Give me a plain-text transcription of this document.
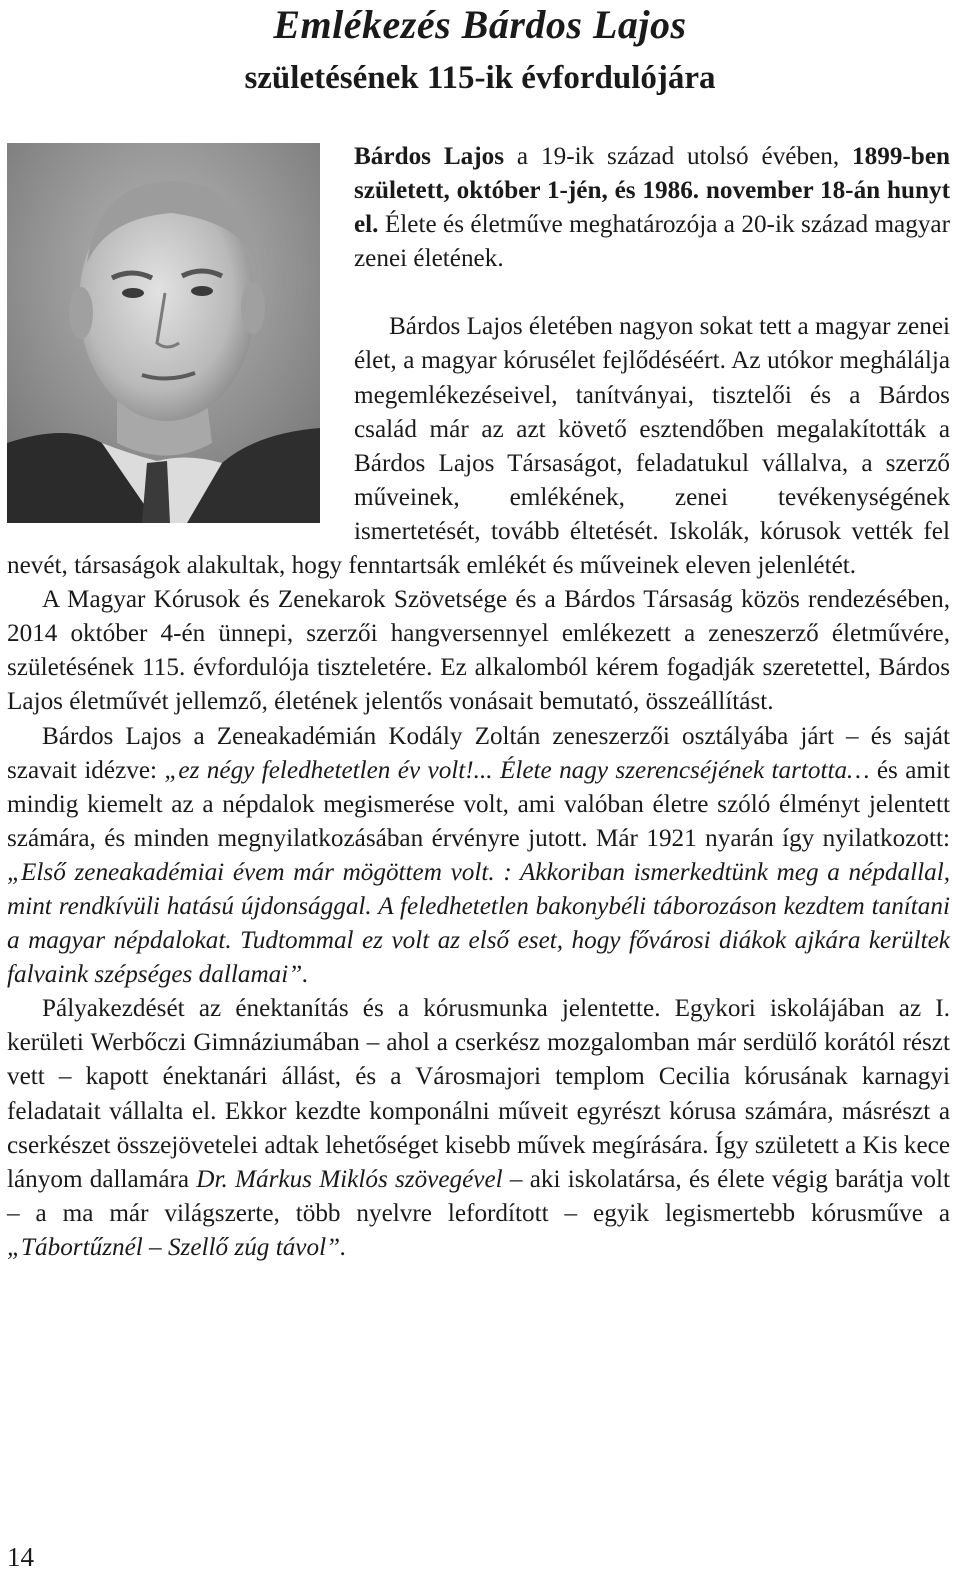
Emlékezés Bárdos Lajos
születésének 115-ik évfordulójára

Bárdos Lajos a 19-ik század utolsó évében, 1899-ben született, október 1-jén, és 1986. november 18-án hunyt el. Élete és életműve meghatározója a 20-ik század magyar zenei életének.

Bárdos Lajos életében nagyon sokat tett a magyar zenei élet, a magyar kórusélet fejlődéséért. Az utókor meghálálja megemlékezéseivel, tanítványai, tisztelői és a Bárdos család már az azt követő esztendőben megalakították a Bárdos Lajos Társaságot, feladatukul vállalva, a szerző műveinek, emlékének, zenei tevékenységének ismertetését, tovább éltetését. Iskolák, kórusok vették fel nevét, társaságok alakultak, hogy fenntartsák emlékét és műveinek eleven jelenlétét.

A Magyar Kórusok és Zenekarok Szövetsége és a Bárdos Társaság közös rendezésében, 2014 október 4-én ünnepi, szerzői hangversennyel emlékezett a zeneszerző életművére, születésének 115. évfordulója tiszteletére. Ez alkalomból kérem fogadják szeretettel, Bárdos Lajos életművét jellemző, életének jelentős vonásait bemutató, összeállítást.

Bárdos Lajos a Zeneakadémián Kodály Zoltán zeneszerzői osztályába járt – és saját szavait idézve: „ez négy feledhetetlen év volt!... Élete nagy szerencséjének tartotta… és amit mindig kiemelt az a népdalok megismerése volt, ami valóban életre szóló élményt jelentett számára, és minden megnyilatkozásában érvényre jutott. Már 1921 nyarán így nyilatkozott: „Első zeneakadémiai évem már mögöttem volt. : Akkoriban ismerkedtünk meg a népdallal, mint rendkívüli hatású újdonsággal. A feledhetetlen bakonybéli táborozáson kezdtem tanítani a magyar népdalokat. Tudtommal ez volt az első eset, hogy fővárosi diákok ajkára kerültek falvaink szépséges dallamai”.

Pályakezdését az énektanítás és a kórusmunka jelentette. Egykori iskolájában az I. kerületi Werbőczi Gimnáziumában – ahol a cserkész mozgalomban már serdülő korától részt vett – kapott énektanári állást, és a Városmajori templom Cecilia kórusának karnagyi feladatait vállalta el. Ekkor kezdte komponálni műveit egyrészt kórusa számára, másrészt a cserkészet összejövetelei adtak lehetőséget kisebb művek megírására. Így született a Kis kece lányom dallamára Dr. Márkus Miklós szövegével – aki iskolatársa, és élete végig barátja volt – a ma már világszerte, több nyelvre lefordított – egyik legismertebb kórusműve a „Tábortűznél – Szellő zúg távol”.

14
